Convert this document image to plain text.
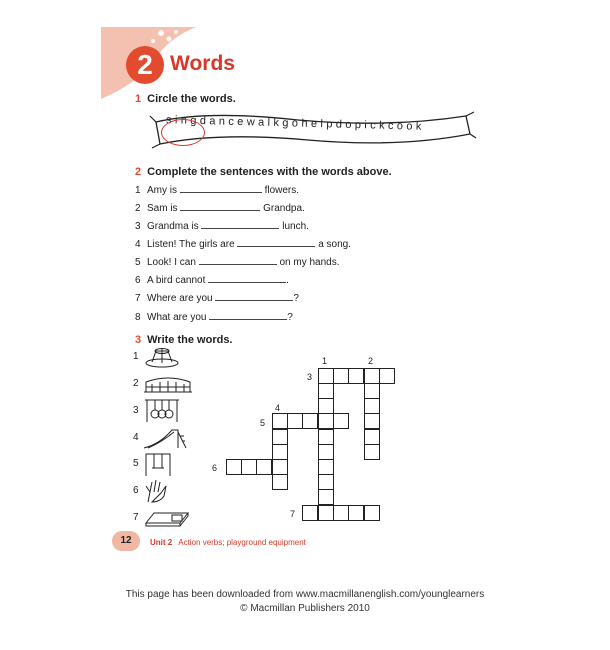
2 Words
1 Circle the words.
singdancewalkgohelpdopickcook
2 Complete the sentences with the words above.
1 Amy is	flowers.
2 Sam is	Grandpa.
3 Grandma is	lunch.
4 Listen! The girls are	a song.
5 Look! I can	on my hands.
6 A bird cannot	.
7 Where are you	?
8 What are you	?
3 Write the words.
1
2
3
4
5
6
7
1	2
3
4
5
6
7
12	Unit 2 Action verbs; playground equipment
This page has been downloaded from www.macmillanenglish.com/younglearners
© Macmillan Publishers 2010
